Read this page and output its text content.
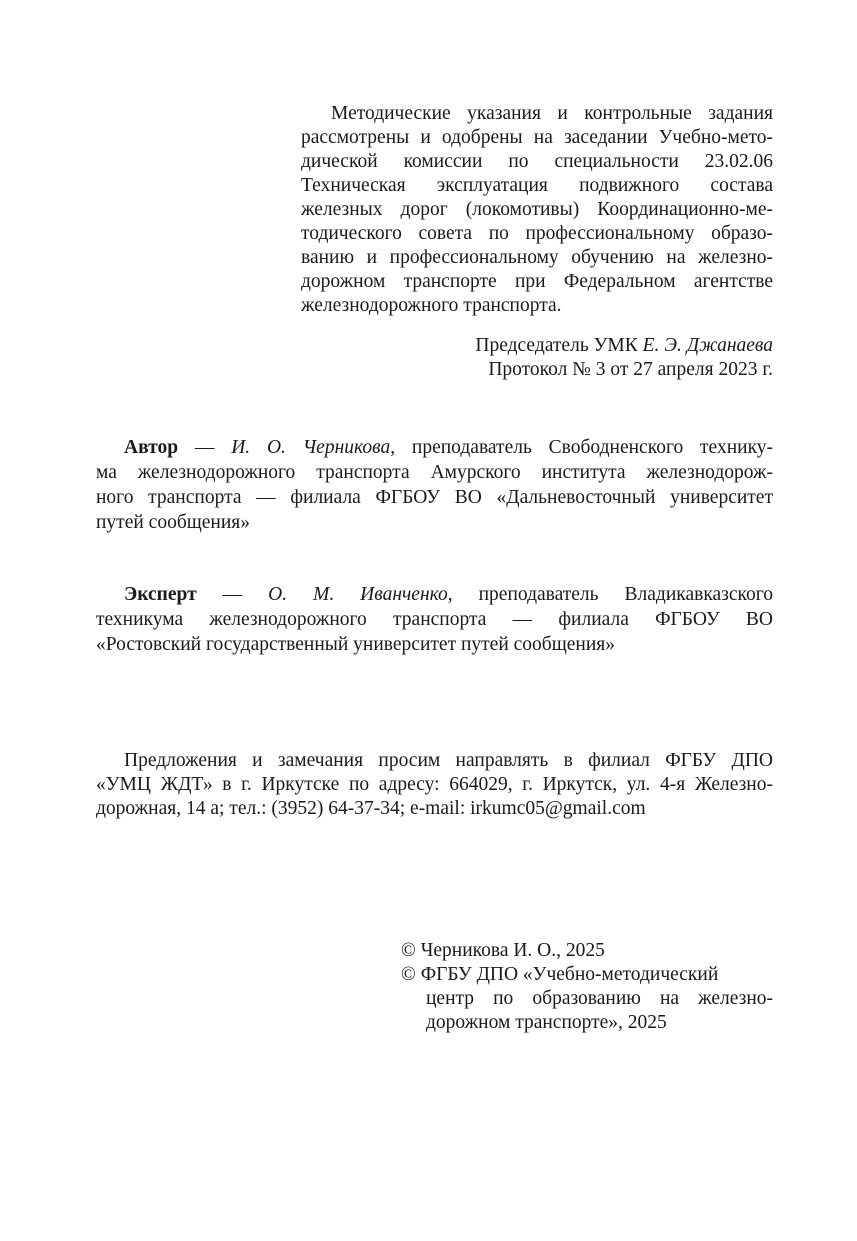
Методические указания и контрольные задания
рассмотрены и одобрены на заседании Учебно-мето-
дической комиссии по специальности 23.02.06
Техническая эксплуатация подвижного состава
железных дорог (локомотивы) Координационно-ме-
тодического совета по профессиональному образо-
ванию и профессиональному обучению на железно-
дорожном транспорте при Федеральном агентстве
железнодорожного транспорта.
Председатель УМК Е. Э. Джанаева
Протокол № 3 от 27 апреля 2023 г.
Автор — И. О. Черникова, преподаватель Свободненского технику-
ма железнодорожного транспорта Амурского института железнодорож-
ного транспорта — филиала ФГБОУ ВО «Дальневосточный университет
путей сообщения»
Эксперт — О. М. Иванченко, преподаватель Владикавказского
техникума железнодорожного транспорта — филиала ФГБОУ ВО
«Ростовский государственный университет путей сообщения»
Предложения и замечания просим направлять в филиал ФГБУ ДПО
«УМЦ ЖДТ» в г. Иркутске по адресу: 664029, г. Иркутск, ул. 4-я Железно-
дорожная, 14 а; тел.: (3952) 64-37-34; e-mail: irkumc05@gmail.com
© Черникова И. О., 2025
© ФГБУ ДПО «Учебно-методический
центр по образованию на железно-
дорожном транспорте», 2025
